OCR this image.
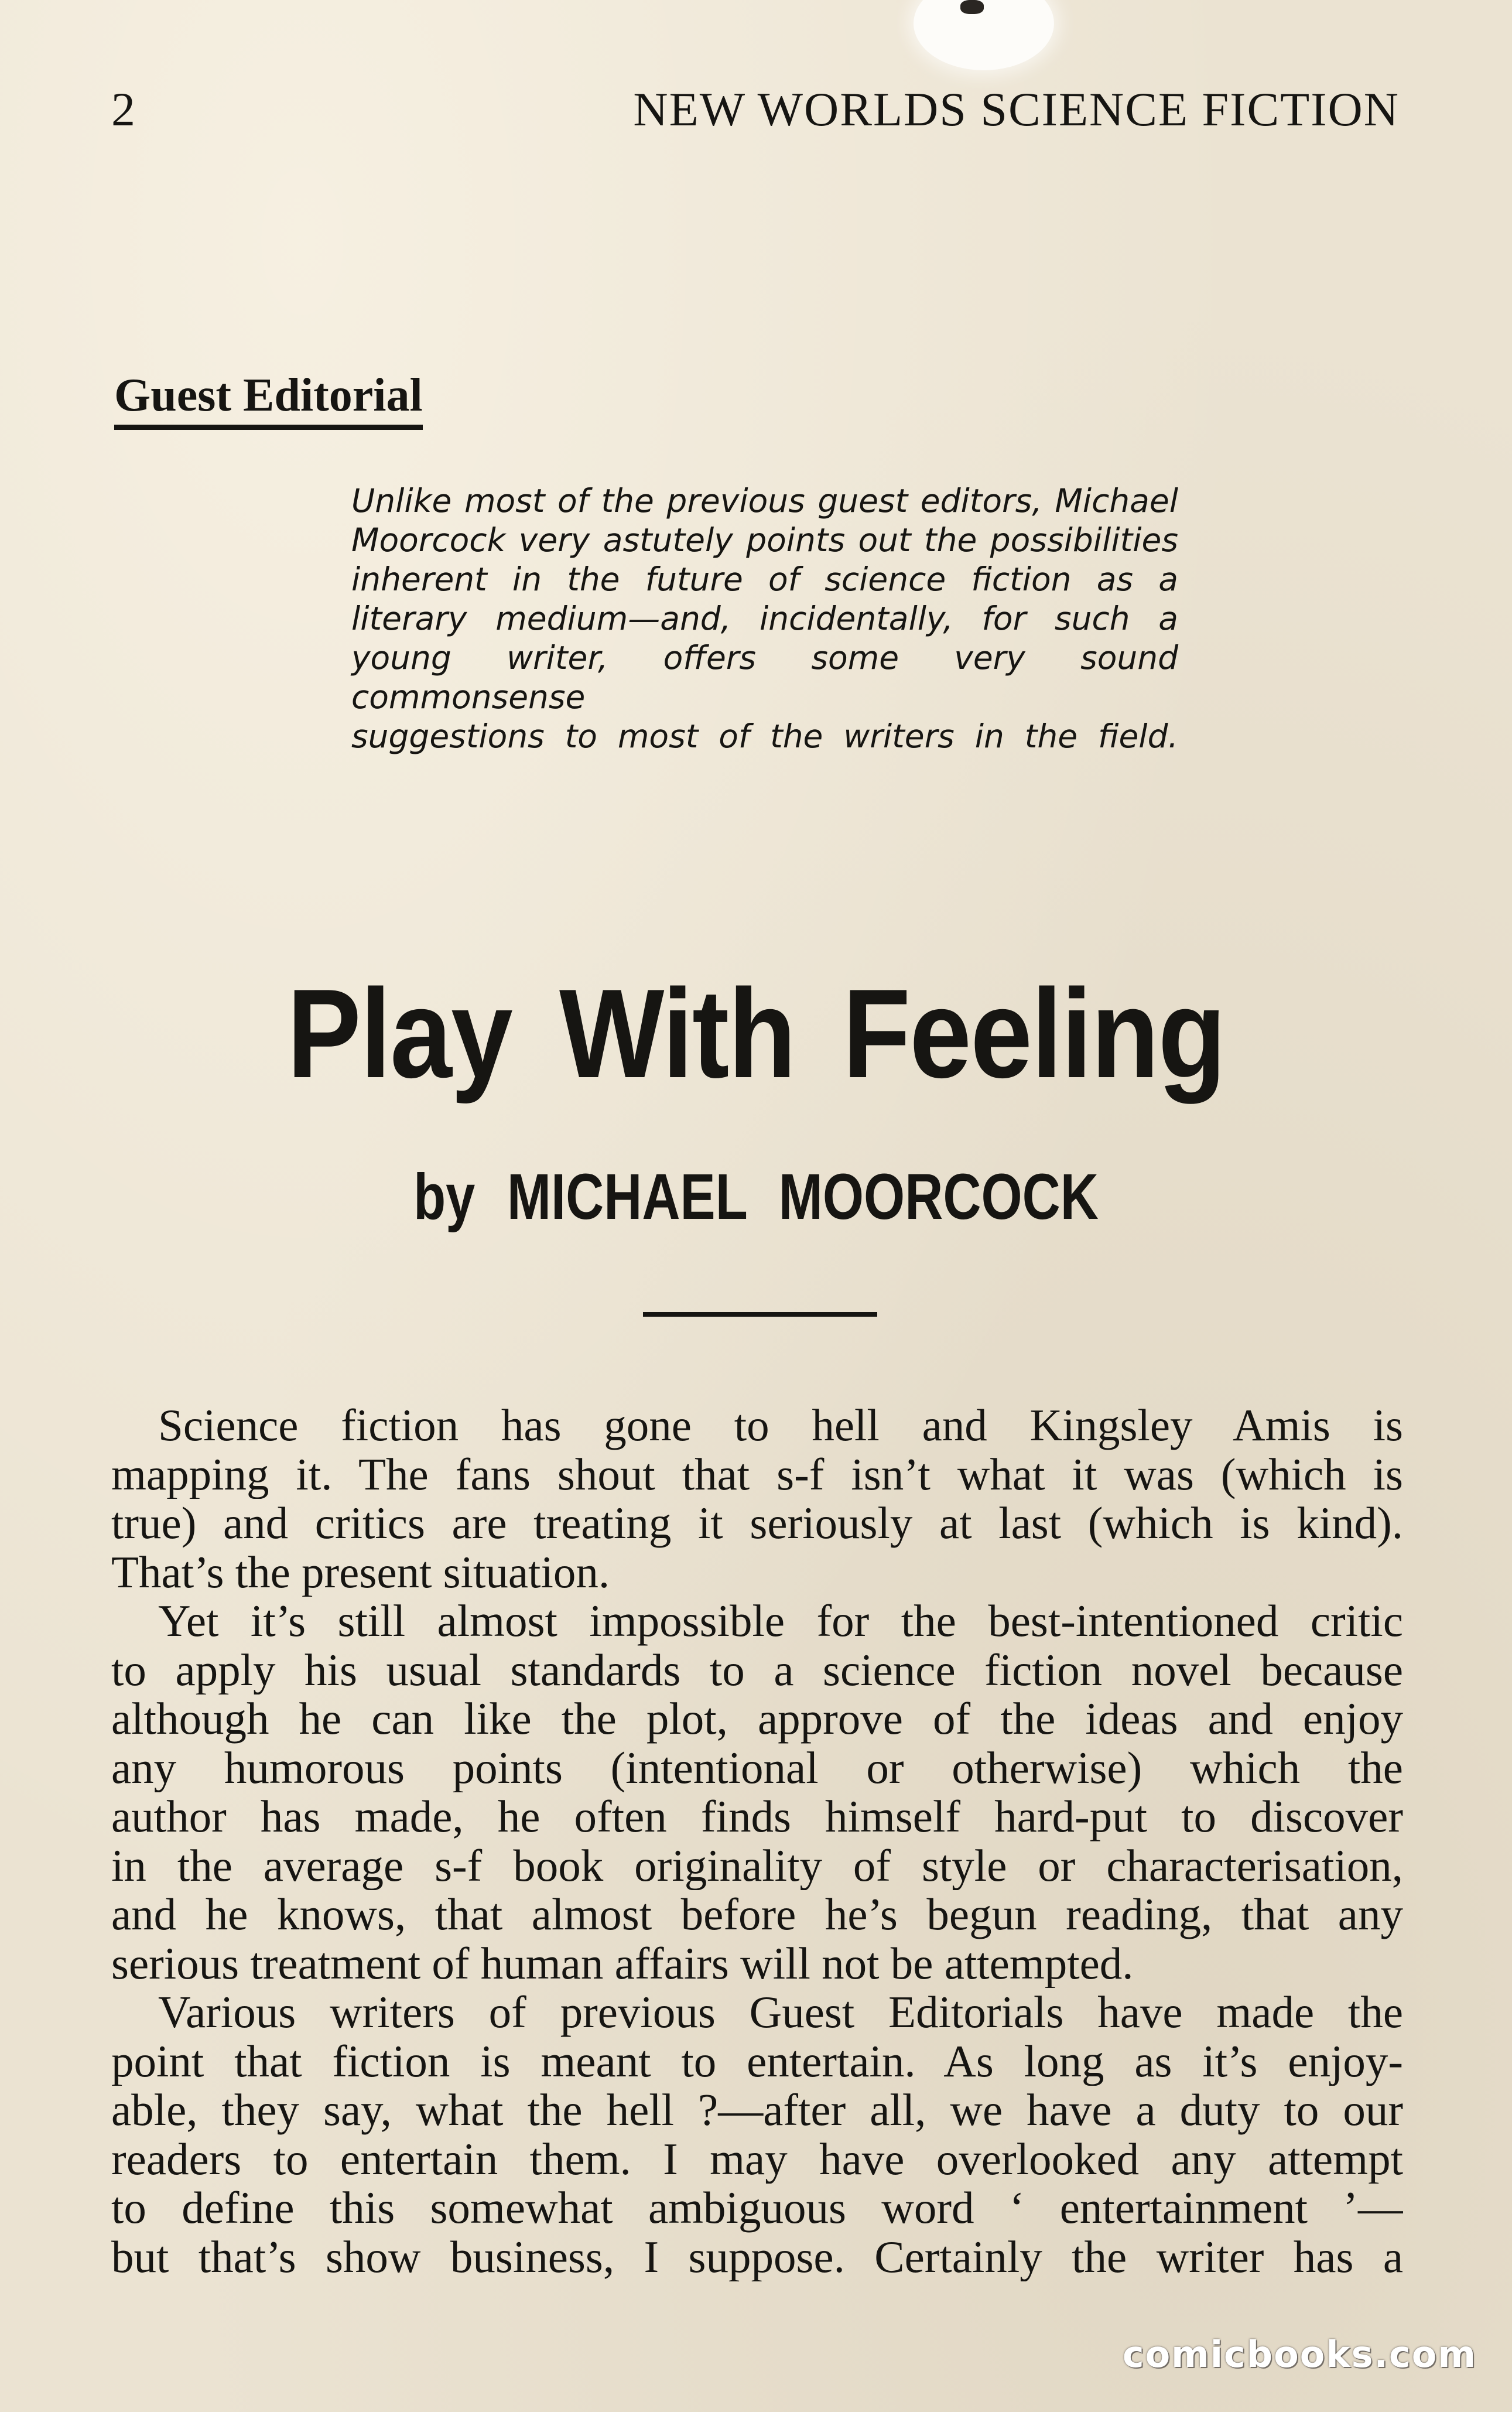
2	NEW WORLDS SCIENCE FICTION
Guest Editorial
Unlike most of the previous guest editors, Michael
Moorcock very astutely points out the possibilities
inherent in the future of science fiction as a
literary medium—and, incidentally, for such a
young writer, offers some very sound commonsense
suggestions to most of the writers in the field.
Play With Feeling
by MICHAEL MOORCOCK
Science fiction has gone to hell and Kingsley Amis is
mapping it. The fans shout that s-f isn’t what it was (which is
true) and critics are treating it seriously at last (which is kind).
That’s the present situation.
Yet it’s still almost impossible for the best-intentioned critic
to apply his usual standards to a science fiction novel because
although he can like the plot, approve of the ideas and enjoy
any humorous points (intentional or otherwise) which the
author has made, he often finds himself hard-put to discover
in the average s-f book originality of style or characterisation,
and he knows, that almost before he’s begun reading, that any
serious treatment of human affairs will not be attempted.
Various writers of previous Guest Editorials have made the
point that fiction is meant to entertain. As long as it’s enjoy-
able, they say, what the hell ?—after all, we have a duty to our
readers to entertain them. I may have overlooked any attempt
to define this somewhat ambiguous word ‘ entertainment ’—
but that’s show business, I suppose. Certainly the writer has a
comicbooks.com
